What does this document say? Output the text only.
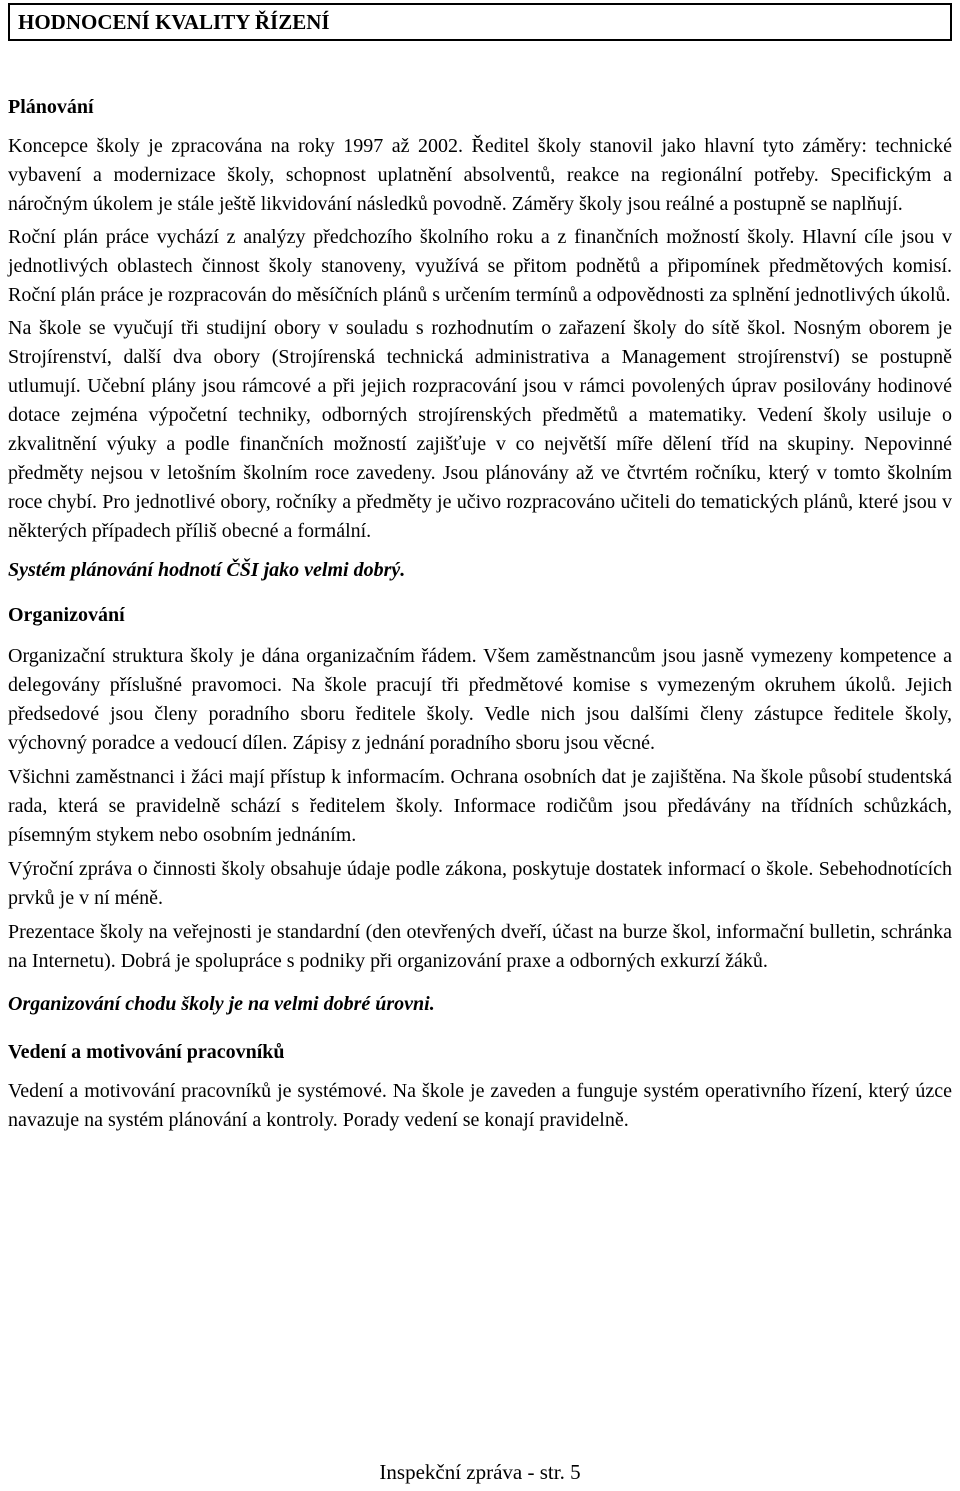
HODNOCENÍ KVALITY ŘÍZENÍ
Plánování

Koncepce školy je zpracována na roky 1997 až 2002. Ředitel školy stanovil jako hlavní tyto záměry: technické vybavení a modernizace školy, schopnost uplatnění absolventů, reakce na regionální potřeby. Specifickým a náročným úkolem je stále ještě likvidování následků povodně. Záměry školy jsou reálné a postupně se naplňují.

Roční plán práce vychází z analýzy předchozího školního roku a z finančních možností školy. Hlavní cíle jsou v jednotlivých oblastech činnost školy stanoveny, využívá se přitom podnětů a připomínek předmětových komisí. Roční plán práce je rozpracován do měsíčních plánů s určením termínů a odpovědnosti za splnění jednotlivých úkolů.

Na škole se vyučují tři studijní obory v souladu s rozhodnutím o zařazení školy do sítě škol. Nosným oborem je Strojírenství, další dva obory (Strojírenská technická administrativa a Management strojírenství) se postupně utlumují. Učební plány jsou rámcové a při jejich rozpracování jsou v rámci povolených úprav posilovány hodinové dotace zejména výpočetní techniky, odborných strojírenských předmětů a matematiky. Vedení školy usiluje o zkvalitnění výuky a podle finančních možností zajišťuje v co největší míře dělení tříd na skupiny. Nepovinné předměty nejsou v letošním školním roce zavedeny. Jsou plánovány až ve čtvrtém ročníku, který v tomto školním roce chybí. Pro jednotlivé obory, ročníky a předměty je učivo rozpracováno učiteli do tematických plánů, které jsou v některých případech příliš obecné a formální.

Systém plánování hodnotí ČŠI jako velmi dobrý.

Organizování

Organizační struktura školy je dána organizačním řádem. Všem zaměstnancům jsou jasně vymezeny kompetence a delegovány příslušné pravomoci. Na škole pracují tři předmětové komise s vymezeným okruhem úkolů. Jejich předsedové jsou členy poradního sboru ředitele školy. Vedle nich jsou dalšími členy zástupce ředitele školy, výchovný poradce a vedoucí dílen. Zápisy z jednání poradního sboru jsou věcné.

Všichni zaměstnanci i žáci mají přístup k informacím. Ochrana osobních dat je zajištěna. Na škole působí studentská rada, která se pravidelně schází s ředitelem školy. Informace rodičům jsou předávány na třídních schůzkách, písemným stykem nebo osobním jednáním.

Výroční zpráva o činnosti školy obsahuje údaje podle zákona, poskytuje dostatek informací o škole. Sebehodnotících prvků je v ní méně.

Prezentace školy na veřejnosti je standardní (den otevřených dveří, účast na burze škol, informační bulletin, schránka na Internetu). Dobrá je spolupráce s podniky při organizování praxe a odborných exkurzí žáků.

Organizování chodu školy je na velmi dobré úrovni.

Vedení a motivování pracovníků

Vedení a motivování pracovníků je systémové. Na škole je zaveden a funguje systém operativního řízení, který úzce navazuje na systém plánování a kontroly. Porady vedení se konají pravidelně.

Inspekční zpráva - str. 5
